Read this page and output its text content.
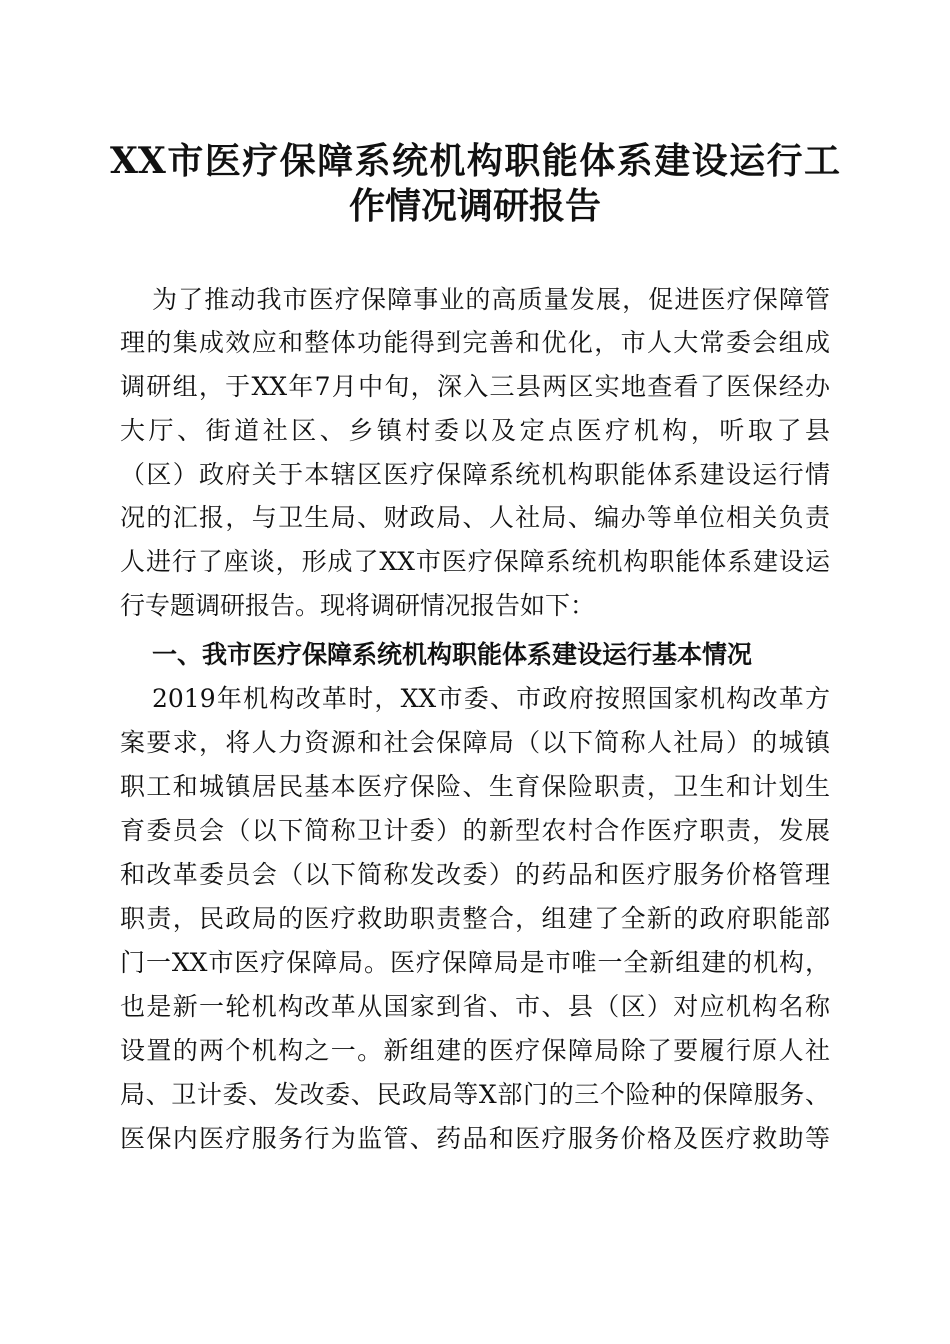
XX市医疗保障系统机构职能体系建设运行工
作情况调研报告
为了推动我市医疗保障事业的高质量发展，促进医疗保障管
理的集成效应和整体功能得到完善和优化，市人大常委会组成
调研组，于XX年7月中旬，深入三县两区实地查看了医保经办
大厅、街道社区、乡镇村委以及定点医疗机构，听取了县
（区）政府关于本辖区医疗保障系统机构职能体系建设运行情
况的汇报，与卫生局、财政局、人社局、编办等单位相关负责
人进行了座谈，形成了XX市医疗保障系统机构职能体系建设运
行专题调研报告。现将调研情况报告如下：
一、我市医疗保障系统机构职能体系建设运行基本情况
2019年机构改革时，XX市委、市政府按照国家机构改革方
案要求，将人力资源和社会保障局（以下简称人社局）的城镇
职工和城镇居民基本医疗保险、生育保险职责，卫生和计划生
育委员会（以下简称卫计委）的新型农村合作医疗职责，发展
和改革委员会（以下简称发改委）的药品和医疗服务价格管理
职责，民政局的医疗救助职责整合，组建了全新的政府职能部
门一XX市医疗保障局。医疗保障局是市唯一全新组建的机构，
也是新一轮机构改革从国家到省、市、县（区）对应机构名称
设置的两个机构之一。新组建的医疗保障局除了要履行原人社
局、卫计委、发改委、民政局等X部门的三个险种的保障服务、
医保内医疗服务行为监管、药品和医疗服务价格及医疗救助等
